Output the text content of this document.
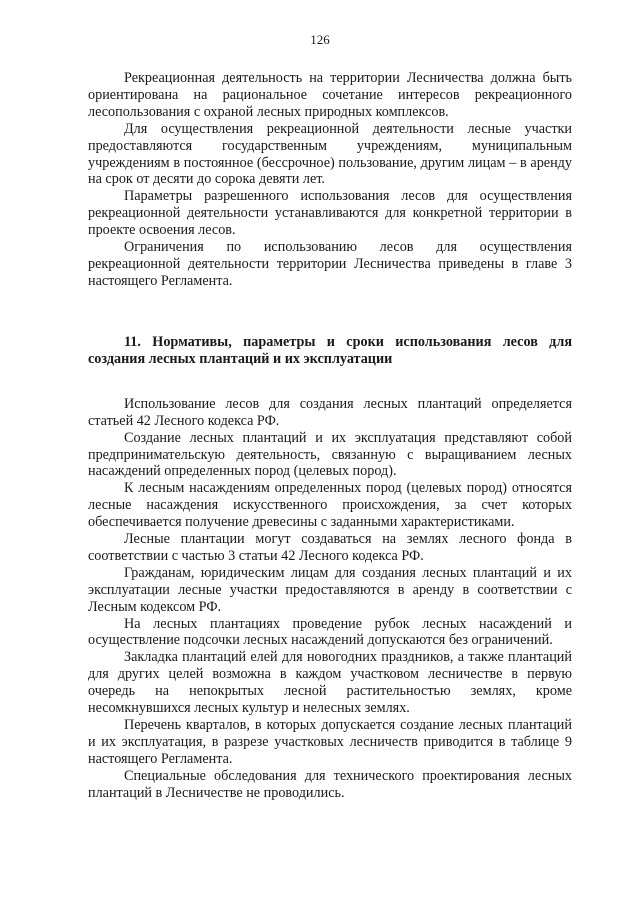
126

Рекреационная деятельность на территории Лесничества должна быть ориентирована на рациональное сочетание интересов рекреационного лесопользования с охраной лесных природных комплексов.

Для осуществления рекреационной деятельности лесные участки предоставляются государственным учреждениям, муниципальным учреждениям в постоянное (бессрочное) пользование, другим лицам – в аренду на срок от десяти до сорока девяти лет.

Параметры разрешенного использования лесов для осуществления рекреационной деятельности устанавливаются для конкретной территории в проекте освоения лесов.

Ограничения по использованию лесов для осуществления рекреационной деятельности территории Лесничества приведены в главе 3 настоящего Регламента.

11. Нормативы, параметры и сроки использования лесов для создания лесных плантаций и их эксплуатации

Использование лесов для создания лесных плантаций определяется статьей 42 Лесного кодекса РФ.

Создание лесных плантаций и их эксплуатация представляют собой предпринимательскую деятельность, связанную с выращиванием лесных насаждений определенных пород (целевых пород).

К лесным насаждениям определенных пород (целевых пород) относятся лесные насаждения искусственного происхождения, за счет которых обеспечивается получение древесины с заданными характеристиками.

Лесные плантации могут создаваться на землях лесного фонда в соответствии с частью 3 статьи 42 Лесного кодекса РФ.

Гражданам, юридическим лицам для создания лесных плантаций и их эксплуатации лесные участки предоставляются в аренду в соответствии с Лесным кодексом РФ.

На лесных плантациях проведение рубок лесных насаждений и осуществление подсочки лесных насаждений допускаются без ограничений.

Закладка плантаций елей для новогодних праздников, а также плантаций для других целей возможна в каждом участковом лесничестве в первую очередь на непокрытых лесной растительностью землях, кроме несомкнувшихся лесных культур и нелесных землях.

Перечень кварталов, в которых допускается создание лесных плантаций и их эксплуатация, в разрезе участковых лесничеств приводится в таблице 9 настоящего Регламента.

Специальные обследования для технического проектирования лесных плантаций в Лесничестве не проводились.
